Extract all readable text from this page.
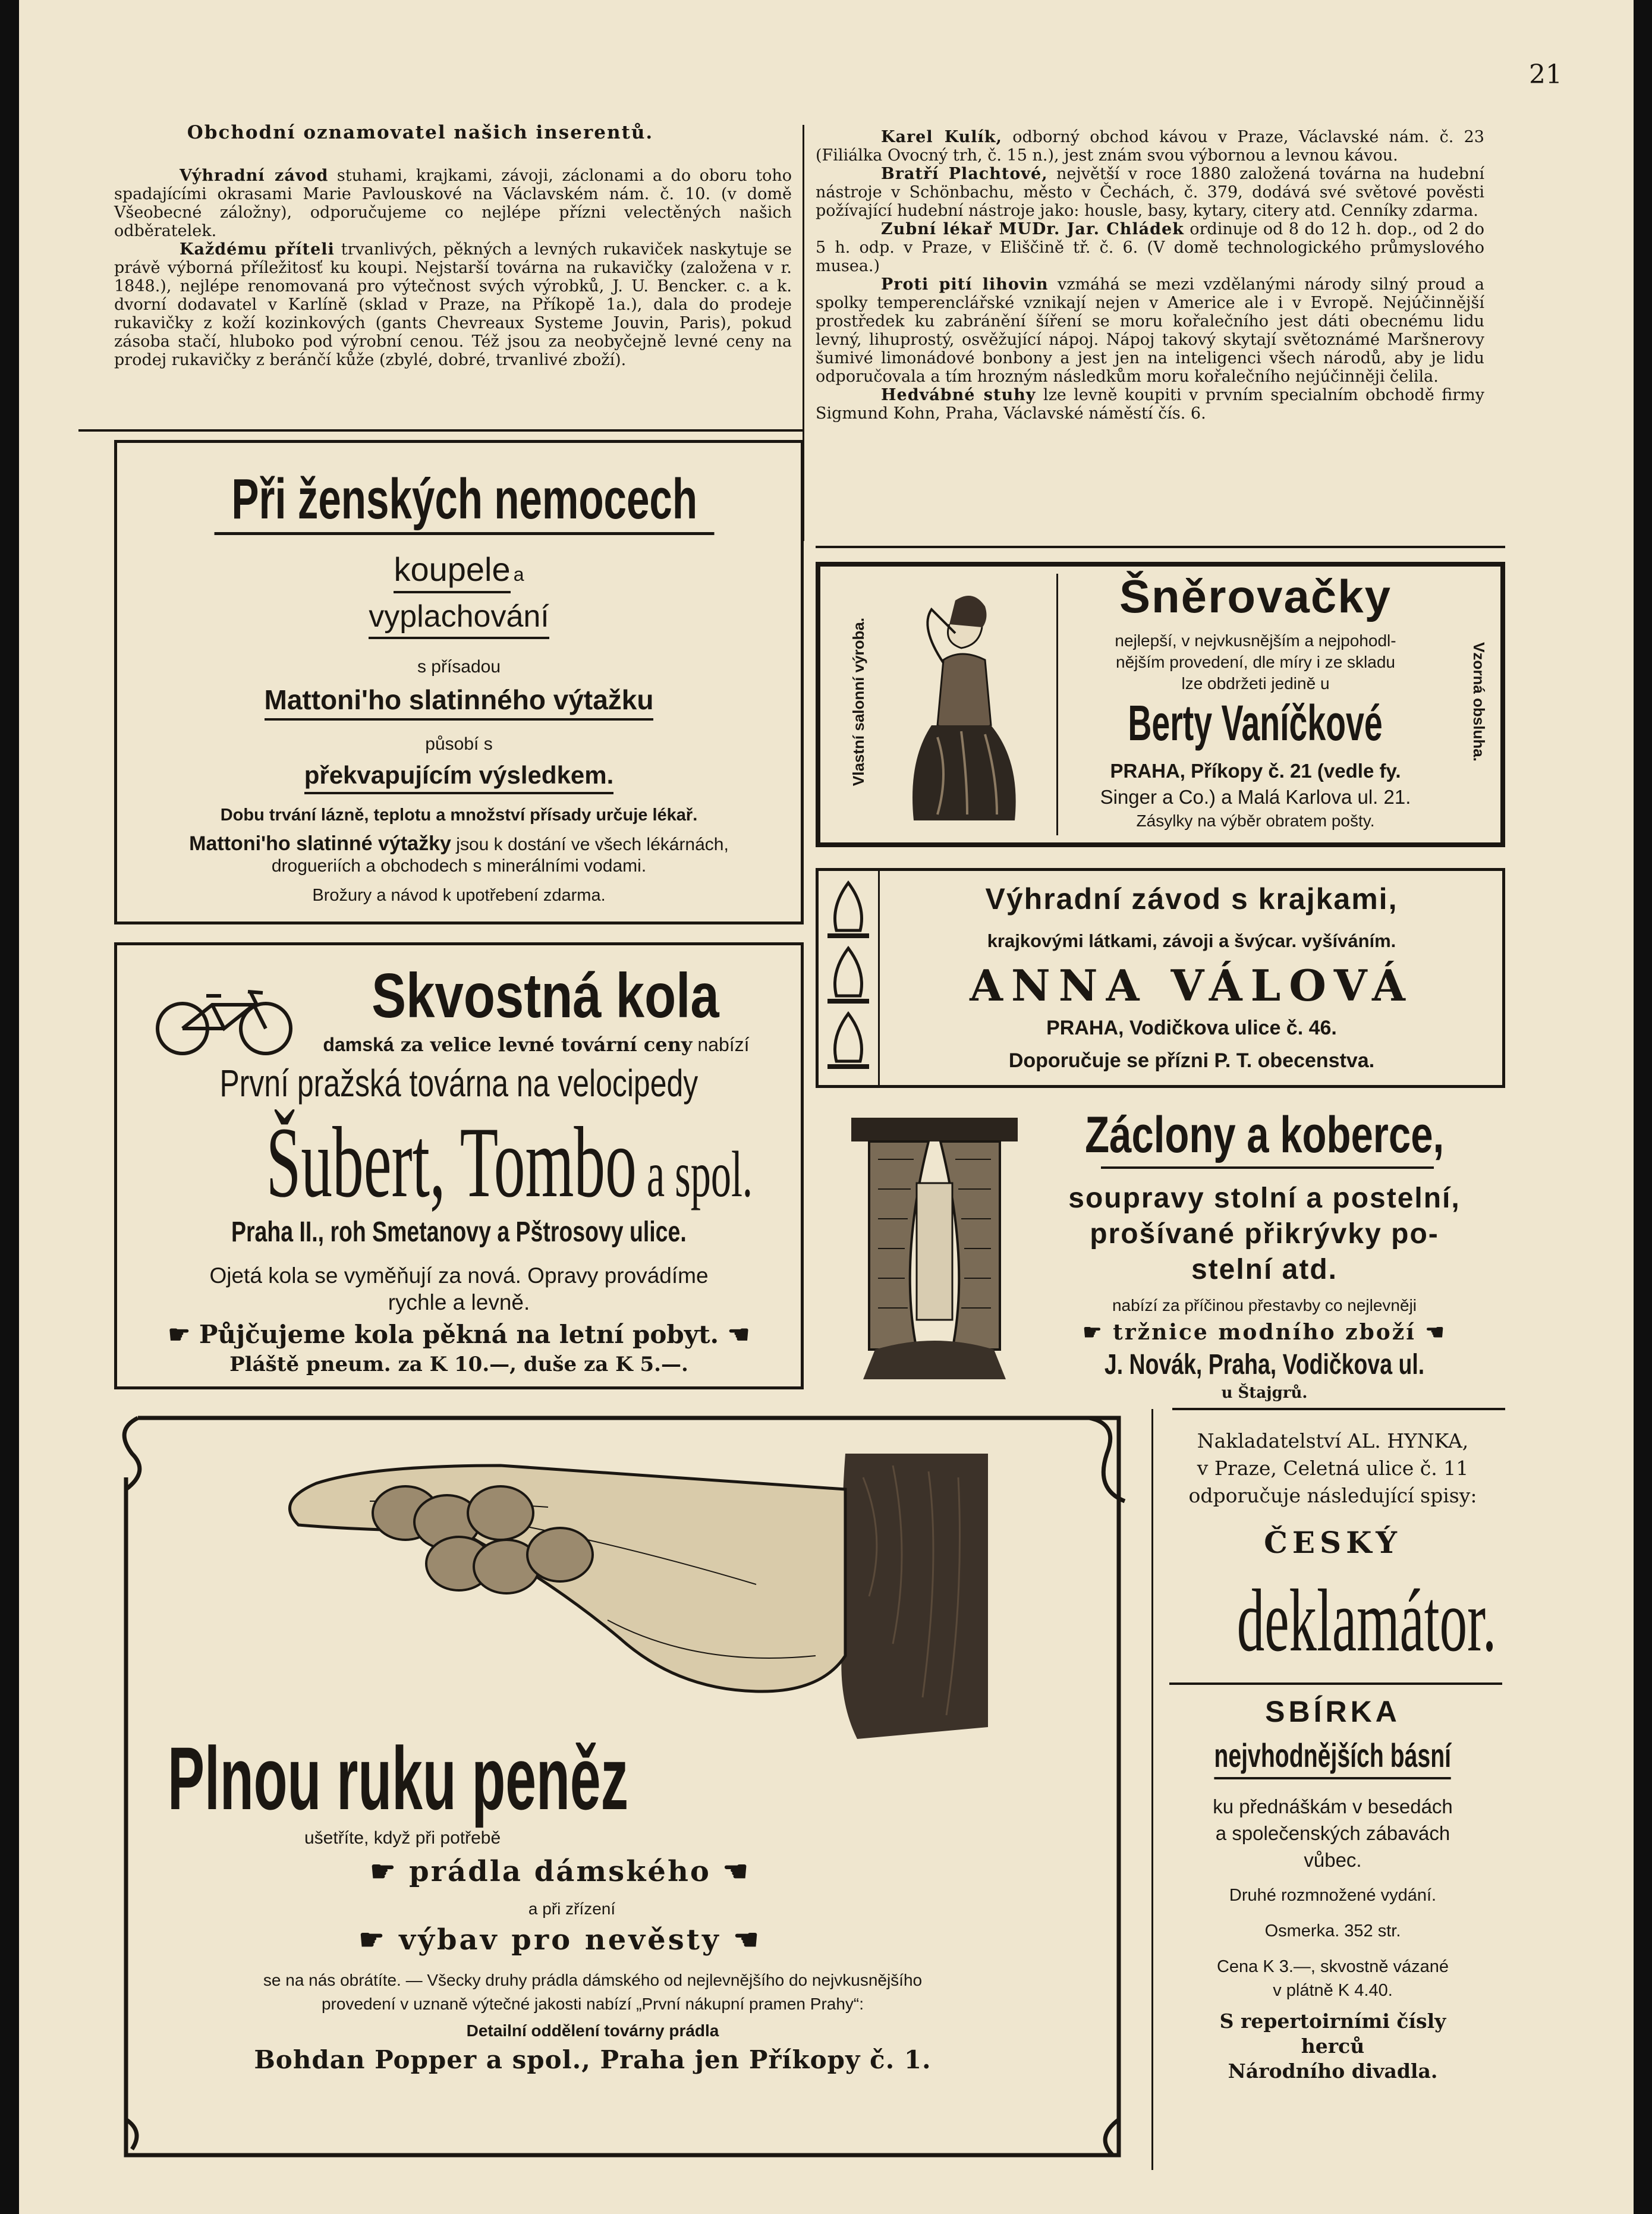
21
Obchodní oznamovatel našich inserentů.

Výhradní závod stuhami, krajkami, závoji, záclonami a do oboru toho spadajícími okrasami Marie Pavlouskové na Václavském nám. č. 10. (v domě Všeobecné záložny), odporučujeme co nejlépe přízni velectěných našich odběratelek.

Každému příteli trvanlivých, pěkných a levných rukaviček naskytuje se právě výborná příležitosť ku koupi. Nejstarší továrna na rukavičky (založena v r. 1848.), nejlépe renomovaná pro výtečnost svých výrobků, J. U. Bencker. c. a k. dvorní dodavatel v Karlíně (sklad v Praze, na Příkopě 1a.), dala do prodeje rukavičky z koží kozinkových (gants Chevreaux Systeme Jouvin, Paris), pokud zásoba stačí, hluboko pod výrobní cenou. Též jsou za neobyčejně levné ceny na prodej rukavičky z beránčí kůže (zbylé, dobré, trvanlivé zboží).

Karel Kulík, odborný obchod kávou v Praze, Václavské nám. č. 23 (Filiálka Ovocný trh, č. 15 n.), jest znám svou výbornou a levnou kávou.

Bratří Plachtové, největší v roce 1880 založená továrna na hudební nástroje v Schönbachu, město v Čechách, č. 379, dodává své světové pověsti požívající hudební nástroje jako: housle, basy, kytary, citery atd. Cenníky zdarma.

Zubní lékař MUDr. Jar. Chládek ordinuje od 8 do 12 h. dop., od 2 do 5 h. odp. v Praze, v Eliščině tř. č. 6. (V domě technologického průmyslového musea.)

Proti pití lihovin vzmáhá se mezi vzdělanými národy silný proud a spolky temperenclářské vznikají nejen v Americe ale i v Evropě. Nejúčinnější prostředek ku zabránění šíření se moru kořalečního jest dáti obecnému lidu levný, lihuprostý, osvěžující nápoj. Nápoj takový skytají světoznámé Maršnerovy šumivé limonádové bonbony a jest jen na inteligenci všech národů, aby je lidu odporučovala a tím hrozným následkům moru kořalečního nejúčinněji čelila.

Hedvábné stuhy lze levně koupiti v prvním specialním obchodě firmy Sigmund Kohn, Praha, Václavské náměstí čís. 6.

Při ženských nemocech
koupele a
vyplachování
s přísadou
Mattoni'ho slatinného výtažku
působí s
překvapujícím výsledkem.
Dobu trvání lázně, teplotu a množství přísady určuje lékař.
Mattoni'ho slatinné výtažky jsou k dostání ve všech lékárnách,
drogueriích a obchodech s minerálními vodami.
Brožury a návod k upotřebení zdarma.
Vlastní salonní výroba.
Šněrovačky
nejlepší, v nejvkusnějším a nejpohodl-
nějším provedení, dle míry i ze skladu
lze obdržeti jedině u
Berty Vaníčkové
PRAHA, Příkopy č. 21 (vedle fy.
Singer a Co.) a Malá Karlova ul. 21.
Zásylky na výběr obratem pošty.
Vzorná obsluha.
Výhradní závod s krajkami,
krajkovými látkami, závoji a švýcar. vyšíváním.
ANNA VÁLOVÁ
PRAHA, Vodičkova ulice č. 46.
Doporučuje se přízni P. T. obecenstva.
Skvostná kola
damská za velice levné tovární ceny nabízí
První pražská továrna na velocipedy
Šubert, Tombo a spol.
Praha II., roh Smetanovy a Pštrosovy ulice.
Ojetá kola se vyměňují za nová. Opravy provádíme
rychle a levně.
☛ Půjčujeme kola pěkná na letní pobyt. ☚
Pláště pneum. za K 10.—, duše za K 5.—.
Záclony a koberce,
soupravy stolní a postelní,
prošívané přikrývky po-
stelní atd.
nabízí za příčinou přestavby co nejlevněji
☛ tržnice modního zboží ☚
J. Novák, Praha, Vodičkova ul.
u Štajgrů.
Plnou ruku peněz
ušetříte, když při potřebě
☛ prádla dámského ☚
a při zřízení
☛ výbav pro nevěsty ☚
se na nás obrátíte. — Všecky druhy prádla dámského od nejlevnějšího do nejvkusnějšího
provedení v uznaně výtečné jakosti nabízí „První nákupní pramen Prahy“:
Detailní oddělení továrny prádla
Bohdan Popper a spol., Praha jen Příkopy č. 1.
Nakladatelství AL. HYNKA,
v Praze, Celetná ulice č. 11
odporučuje následující spisy:
ČESKÝ
deklamátor.
SBÍRKA
nejvhodnějších básní
ku přednáškám v besedách
a společenských zábavách
vůbec.
Druhé rozmnožené vydání.
Osmerka. 352 str.
Cena K 3.—, skvostně vázané
v plátně K 4.40.
S repertoirními čísly
herců
Národního divadla.
